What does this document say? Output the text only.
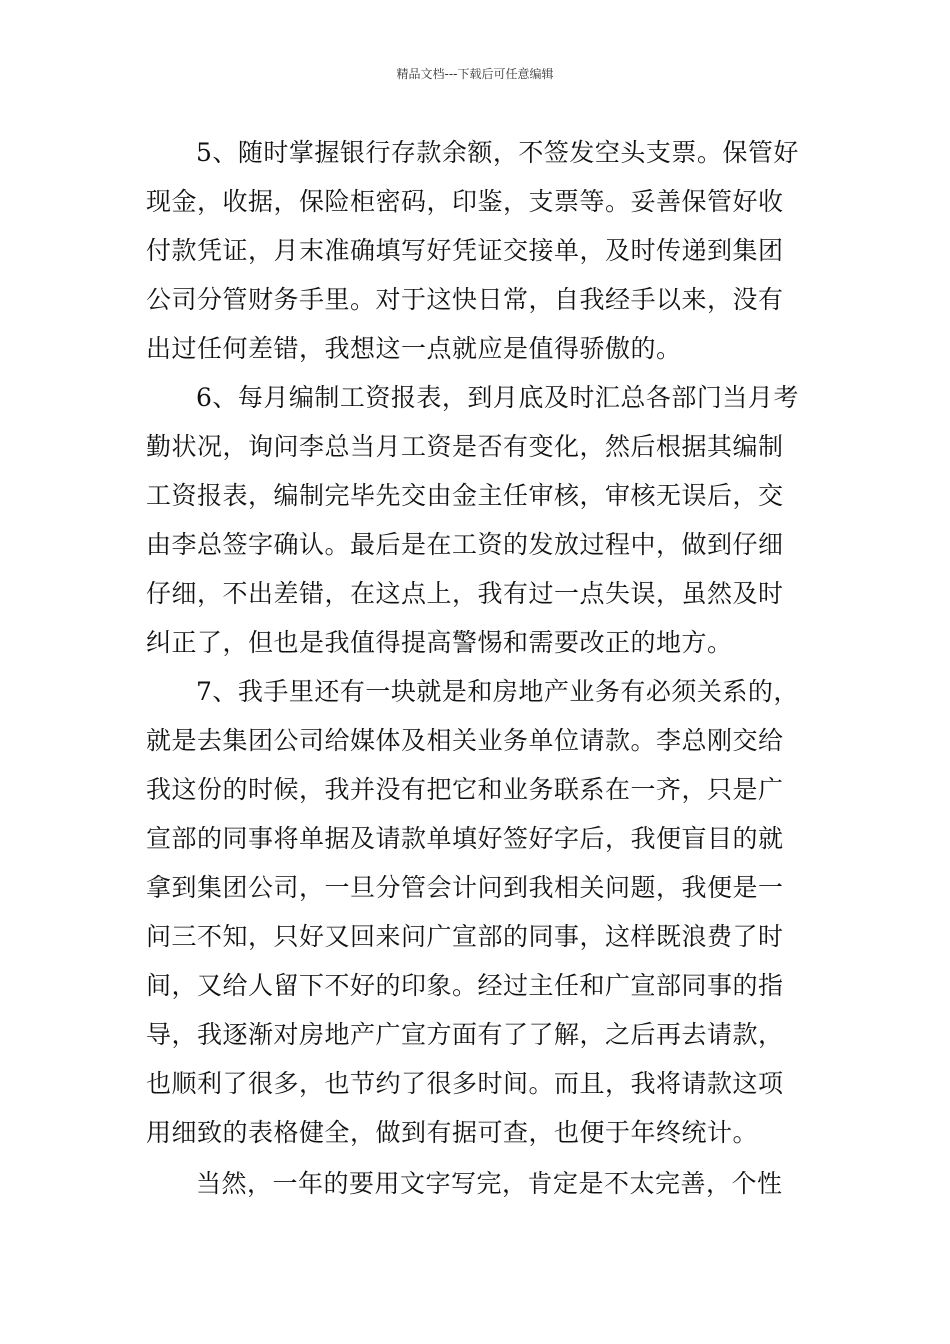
精品文档---下载后可任意编辑

5、随时掌握银行存款余额，不签发空头支票。保管好
现金，收据，保险柜密码，印鉴，支票等。妥善保管好收
付款凭证，月末准确填写好凭证交接单，及时传递到集团
公司分管财务手里。对于这快日常，自我经手以来，没有
出过任何差错，我想这一点就应是值得骄傲的。

6、每月编制工资报表，到月底及时汇总各部门当月考
勤状况，询问李总当月工资是否有变化，然后根据其编制
工资报表，编制完毕先交由金主任审核，审核无误后，交
由李总签字确认。最后是在工资的发放过程中，做到仔细
仔细，不出差错，在这点上，我有过一点失误，虽然及时
纠正了，但也是我值得提高警惕和需要改正的地方。

7、我手里还有一块就是和房地产业务有必须关系的，
就是去集团公司给媒体及相关业务单位请款。李总刚交给
我这份的时候，我并没有把它和业务联系在一齐，只是广
宣部的同事将单据及请款单填好签好字后，我便盲目的就
拿到集团公司，一旦分管会计问到我相关问题，我便是一
问三不知，只好又回来问广宣部的同事，这样既浪费了时
间，又给人留下不好的印象。经过主任和广宣部同事的指
导，我逐渐对房地产广宣方面有了了解，之后再去请款，
也顺利了很多，也节约了很多时间。而且，我将请款这项
用细致的表格健全，做到有据可查，也便于年终统计。

当然，一年的要用文字写完，肯定是不太完善，个性
